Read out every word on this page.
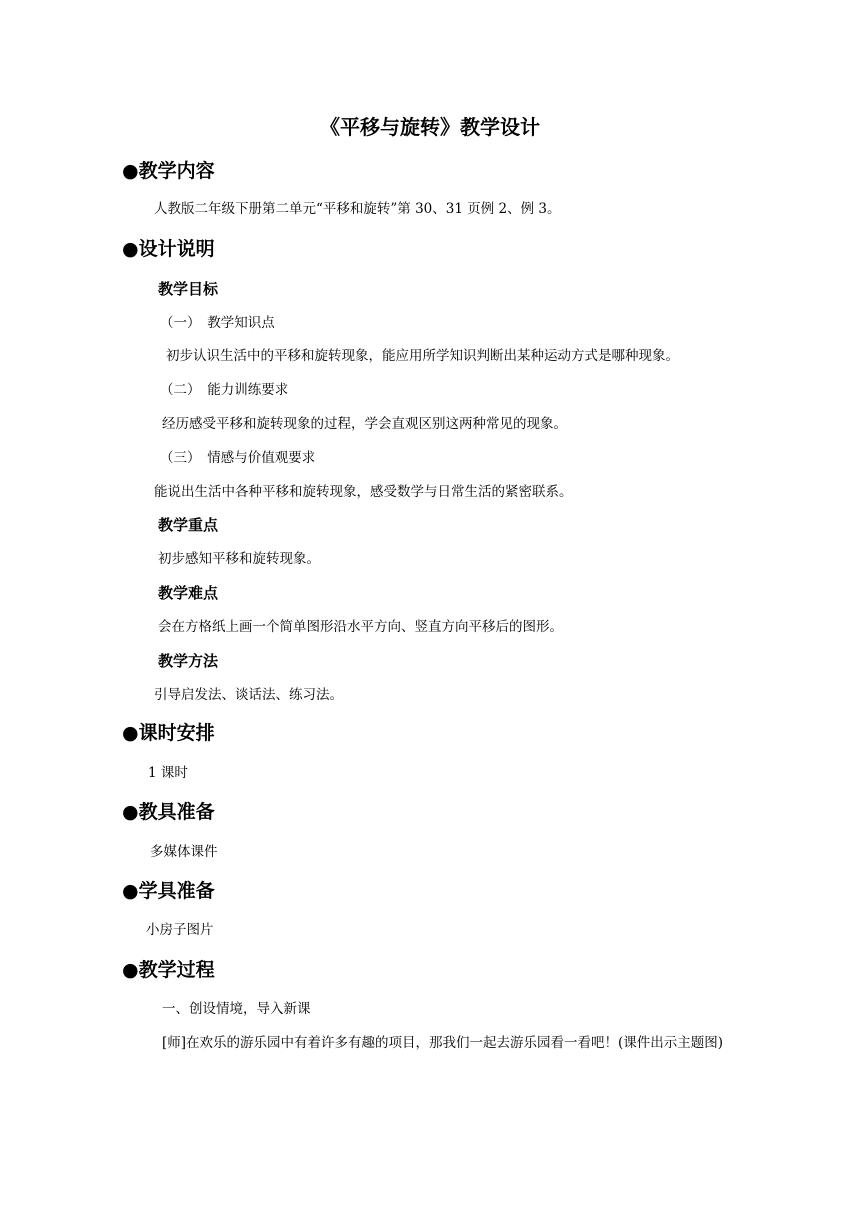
《平移与旋转》教学设计
●教学内容
人教版二年级下册第二单元“平移和旋转”第 30、31 页例 2、例 3。
●设计说明
教学目标
（一）　教学知识点
初步认识生活中的平移和旋转现象，能应用所学知识判断出某种运动方式是哪种现象。
（二）　能力训练要求
经历感受平移和旋转现象的过程，学会直观区别这两种常见的现象。
（三）　情感与价值观要求
能说出生活中各种平移和旋转现象，感受数学与日常生活的紧密联系。
教学重点
初步感知平移和旋转现象。
教学难点
会在方格纸上画一个简单图形沿水平方向、竖直方向平移后的图形。
教学方法
引导启发法、谈话法、练习法。
●课时安排
1 课时
●教具准备
多媒体课件
●学具准备
小房子图片
●教学过程
一、创设情境，导入新课
[师]在欢乐的游乐园中有着许多有趣的项目，那我们一起去游乐园看一看吧！(课件出示主题图)
